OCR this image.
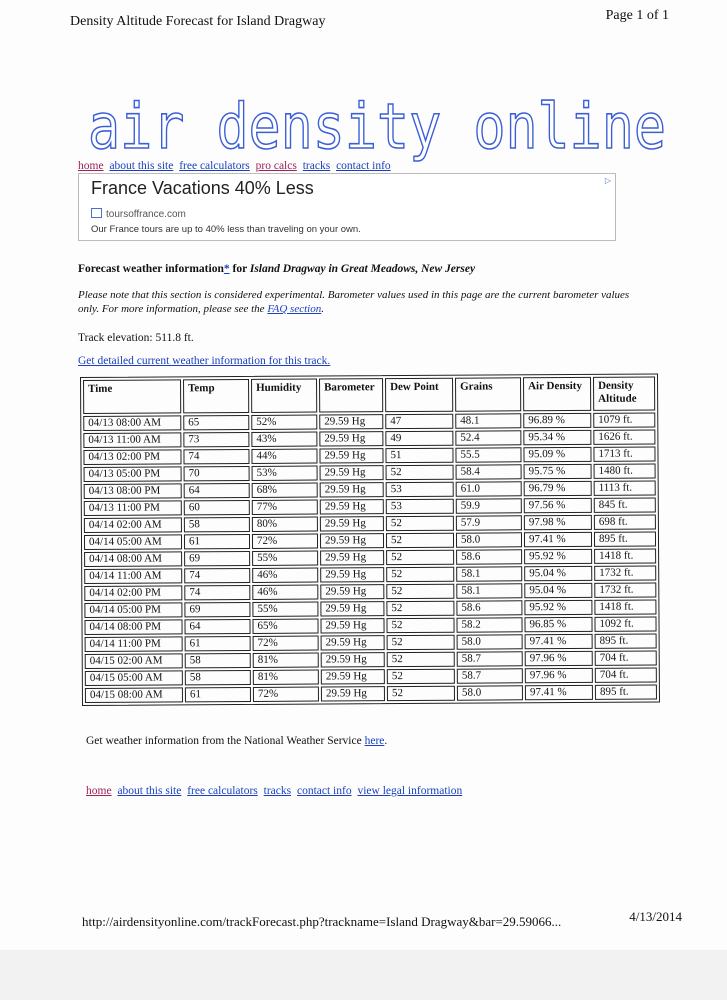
Density Altitude Forecast for Island Dragway	Page 1 of 1
air density online
home about this site free calculators pro calcs tracks contact info
France Vacations 40% Less
toursoffrance.com
Our France tours are up to 40% less than traveling on your own.
▷
Forecast weather information* for Island Dragway in Great Meadows, New Jersey
Please note that this section is considered experimental. Barometer values used in this page are the current barometer values only. For more information, please see the FAQ section.
Track elevation: 511.8 ft.
Get detailed current weather information for this track.
Time	Temp	Humidity	Barometer	Dew Point	Grains	Air Density	Density Altitude
04/13 08:00 AM	65	52%	29.59 Hg	47	48.1	96.89 %	1079 ft.
04/13 11:00 AM	73	43%	29.59 Hg	49	52.4	95.34 %	1626 ft.
04/13 02:00 PM	74	44%	29.59 Hg	51	55.5	95.09 %	1713 ft.
04/13 05:00 PM	70	53%	29.59 Hg	52	58.4	95.75 %	1480 ft.
04/13 08:00 PM	64	68%	29.59 Hg	53	61.0	96.79 %	1113 ft.
04/13 11:00 PM	60	77%	29.59 Hg	53	59.9	97.56 %	845 ft.
04/14 02:00 AM	58	80%	29.59 Hg	52	57.9	97.98 %	698 ft.
04/14 05:00 AM	61	72%	29.59 Hg	52	58.0	97.41 %	895 ft.
04/14 08:00 AM	69	55%	29.59 Hg	52	58.6	95.92 %	1418 ft.
04/14 11:00 AM	74	46%	29.59 Hg	52	58.1	95.04 %	1732 ft.
04/14 02:00 PM	74	46%	29.59 Hg	52	58.1	95.04 %	1732 ft.
04/14 05:00 PM	69	55%	29.59 Hg	52	58.6	95.92 %	1418 ft.
04/14 08:00 PM	64	65%	29.59 Hg	52	58.2	96.85 %	1092 ft.
04/14 11:00 PM	61	72%	29.59 Hg	52	58.0	97.41 %	895 ft.
04/15 02:00 AM	58	81%	29.59 Hg	52	58.7	97.96 %	704 ft.
04/15 05:00 AM	58	81%	29.59 Hg	52	58.7	97.96 %	704 ft.
04/15 08:00 AM	61	72%	29.59 Hg	52	58.0	97.41 %	895 ft.
Get weather information from the National Weather Service here.
home about this site free calculators tracks contact info view legal information
http://airdensityonline.com/trackForecast.php?trackname=Island Dragway&bar=29.59066...	4/13/2014
